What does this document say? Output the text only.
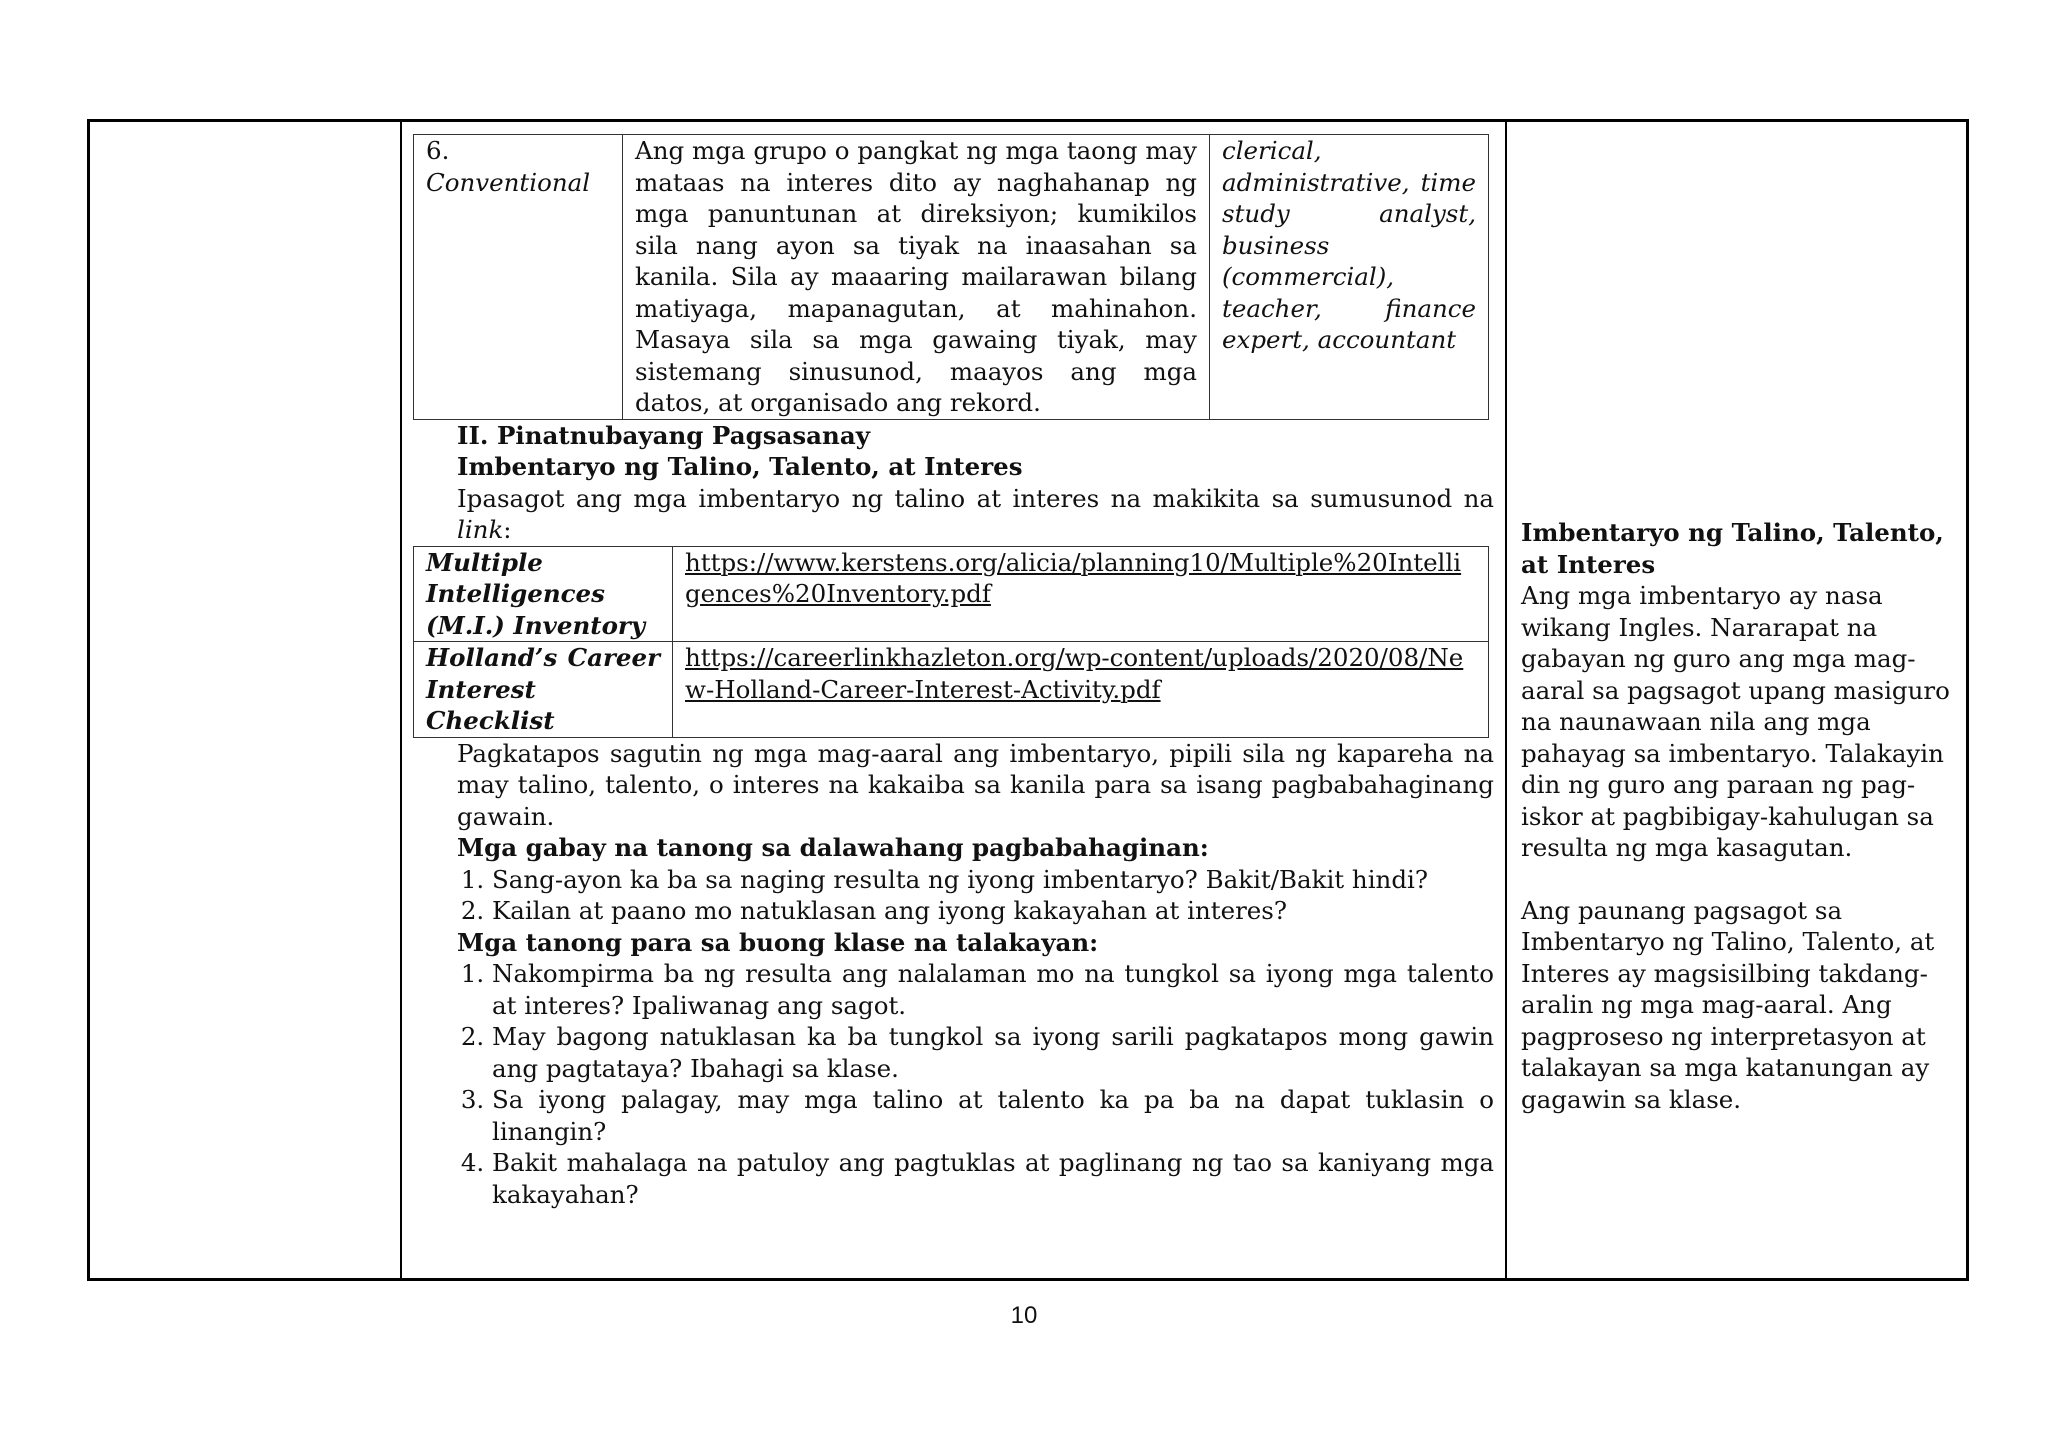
6.
Conventional
	Ang mga grupo o pangkat ng mga taong may mataas na interes dito ay naghahanap ng mga panuntunan at direksiyon; kumikilos sila nang ayon sa tiyak na inaasahan sa kanila. Sila ay maaaring mailarawan bilang matiyaga, mapanagutan, at mahinahon. Masaya sila sa mga gawaing tiyak, may sistemang sinusunod, maayos ang mga datos, at organisado ang rekord.	clerical, administrative, time study analyst, business (commercial), teacher, finance expert, accountant
II. Pinatnubayang Pagsasanay
Imbentaryo ng Talino, Talento, at Interes
Ipasagot ang mga imbentaryo ng talino at interes na makikita sa sumusunod na link:
Multiple Intelligences (M.I.) Inventory	https://www.kerstens.org/alicia/planning10/Multiple%20Intelligences%20Inventory.pdf
Holland’s Career Interest Checklist	https://careerlinkhazleton.org/wp-content/uploads/2020/08/New-Holland-Career-Interest-Activity.pdf
Pagkatapos sagutin ng mga mag-aaral ang imbentaryo, pipili sila ng kapareha na may talino, talento, o interes na kakaiba sa kanila para sa isang pagbabahaginang gawain.
Mga gabay na tanong sa dalawahang pagbabahaginan:
1. Sang-ayon ka ba sa naging resulta ng iyong imbentaryo? Bakit/Bakit hindi?
2. Kailan at paano mo natuklasan ang iyong kakayahan at interes?
Mga tanong para sa buong klase na talakayan:
1. Nakompirma ba ng resulta ang nalalaman mo na tungkol sa iyong mga talento at interes? Ipaliwanag ang sagot.
2. May bagong natuklasan ka ba tungkol sa iyong sarili pagkatapos mong gawin ang pagtataya? Ibahagi sa klase.
3. Sa iyong palagay, may mga talino at talento ka pa ba na dapat tuklasin o linangin?
4. Bakit mahalaga na patuloy ang pagtuklas at paglinang ng tao sa kaniyang mga kakayahan?

Imbentaryo ng Talino, Talento, at Interes

Ang mga imbentaryo ay nasa wikang Ingles. Nararapat na gabayan ng guro ang mga mag-aaral sa pagsagot upang masiguro na naunawaan nila ang mga pahayag sa imbentaryo. Talakayin din ng guro ang paraan ng pag-iskor at pagbibigay-kahulugan sa resulta ng mga kasagutan.

Ang paunang pagsagot sa Imbentaryo ng Talino, Talento, at Interes ay magsisilbing takdang-aralin ng mga mag-aaral. Ang pagproseso ng interpretasyon at talakayan sa mga katanungan ay gagawin sa klase.

10
